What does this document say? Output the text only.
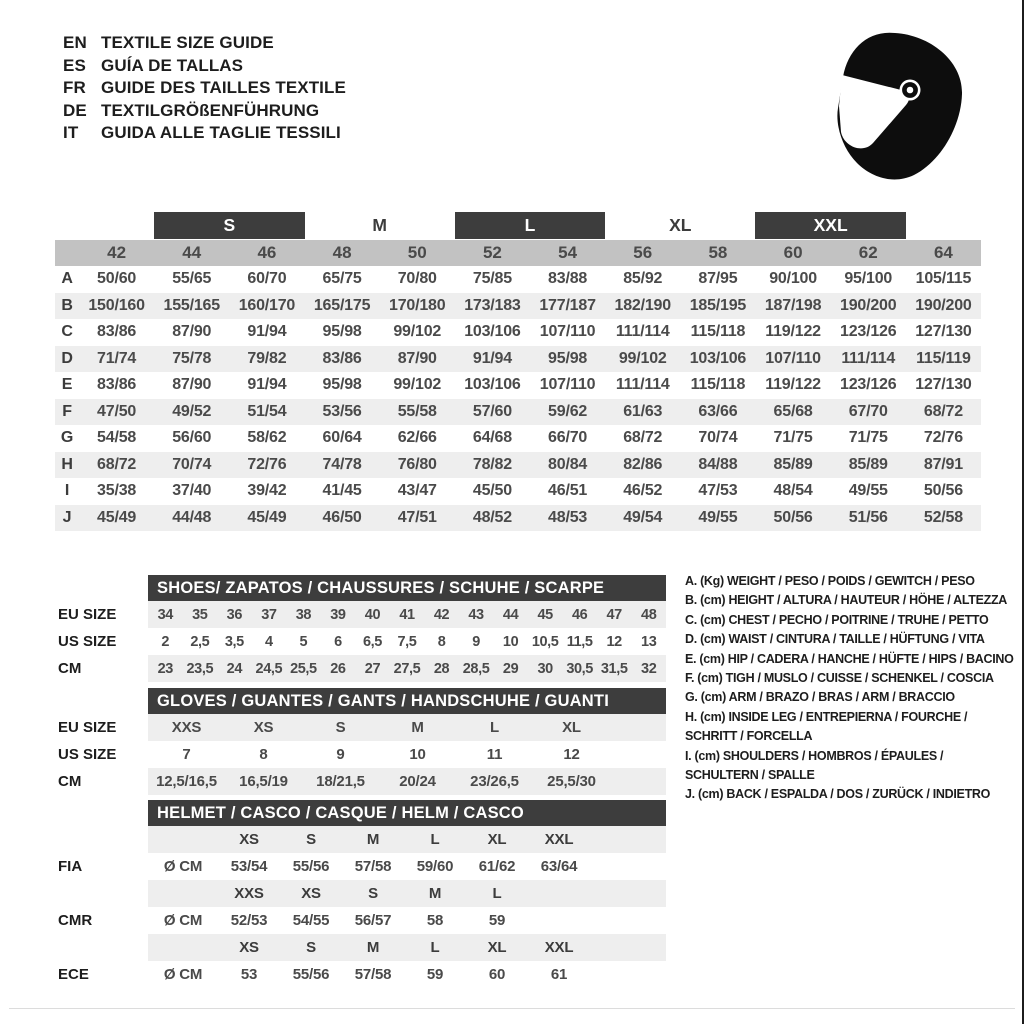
EN TEXTILE SIZE GUIDE
ES GUÍA DE TALLAS
FR GUIDE DES TAILLES TEXTILE
DE TEXTILGRÖßENFÜHRUNG
IT	GUIDA ALLE TAGLIE TESSILI
S	M	L	XL	XXL
42	44	46	48	50	52	54	56	58	60	62	64
A	50/60	55/65	60/70	65/75	70/80	75/85	83/88	85/92	87/95	90/100	95/100	105/115
B 150/160	155/165	160/170	165/175	170/180	173/183	177/187	182/190	185/195	187/198	190/200	190/200
C	83/86	87/90	91/94	95/98	99/102	103/106	107/110	111/114	115/118	119/122	123/126	127/130
D	71/74	75/78	79/82	83/86	87/90	91/94	95/98	99/102	103/106	107/110	111/114	115/119
E	83/86	87/90	91/94	95/98	99/102	103/106	107/110	111/114	115/118	119/122	123/126	127/130
F	47/50	49/52	51/54	53/56	55/58	57/60	59/62	61/63	63/66	65/68	67/70	68/72
G	54/58	56/60	58/62	60/64	62/66	64/68	66/70	68/72	70/74	71/75	71/75	72/76
H	68/72	70/74	72/76	74/78	76/80	78/82	80/84	82/86	84/88	85/89	85/89	87/91
I	35/38	37/40	39/42	41/45	43/47	45/50	46/51	46/52	47/53	48/54	49/55	50/56
J	45/49	44/48	45/49	46/50	47/51	48/52	48/53	49/54	49/55	50/56	51/56	52/58
SHOES/ ZAPATOS / CHAUSSURES / SCHUHE / SCARPE
EU SIZE	34	35	36	37	38	39	40	41	42	43	44	45	46	47	48
US SIZE	2	2,5	3,5	4	5	6	6,5	7,5	8	9	10 10,5 11,5 12	13
CM	23 23,5 24 24,5 25,5 26	27 27,5 28 28,5 29	30 30,5 31,5 32
GLOVES / GUANTES / GANTS / HANDSCHUHE / GUANTI
EU SIZE	XXS	XS	S	M	L	XL
US SIZE	7	8	9	10	11	12
CM	12,5/16,5	16,5/19	18/21,5	20/24	23/26,5	25,5/30
HELMET / CASCO / CASQUE / HELM / CASCO
XS	S	M	L	XL	XXL
FIA	Ø CM	53/54	55/56	57/58	59/60	61/62	63/64
XXS	XS	S	M	L
CMR	Ø CM	52/53	54/55	56/57	58	59
XS	S	M	L	XL	XXL
ECE	Ø CM	53	55/56	57/58	59	60	61
A. (Kg) WEIGHT / PESO / POIDS / GEWITCH / PESO
B. (cm) HEIGHT / ALTURA / HAUTEUR / HÖHE / ALTEZZA
C. (cm) CHEST / PECHO / POITRINE / TRUHE / PETTO
D. (cm) WAIST / CINTURA / TAILLE / HÜFTUNG / VITA
E. (cm) HIP / CADERA / HANCHE / HÜFTE / HIPS / BACINO
F. (cm) TIGH / MUSLO / CUISSE / SCHENKEL / COSCIA
G. (cm) ARM / BRAZO / BRAS / ARM / BRACCIO
H. (cm) INSIDE LEG / ENTREPIERNA / FOURCHE /
SCHRITT / FORCELLA
I. (cm) SHOULDERS / HOMBROS / ÉPAULES /
SCHULTERN / SPALLE
J. (cm) BACK / ESPALDA / DOS / ZURÜCK / INDIETRO
